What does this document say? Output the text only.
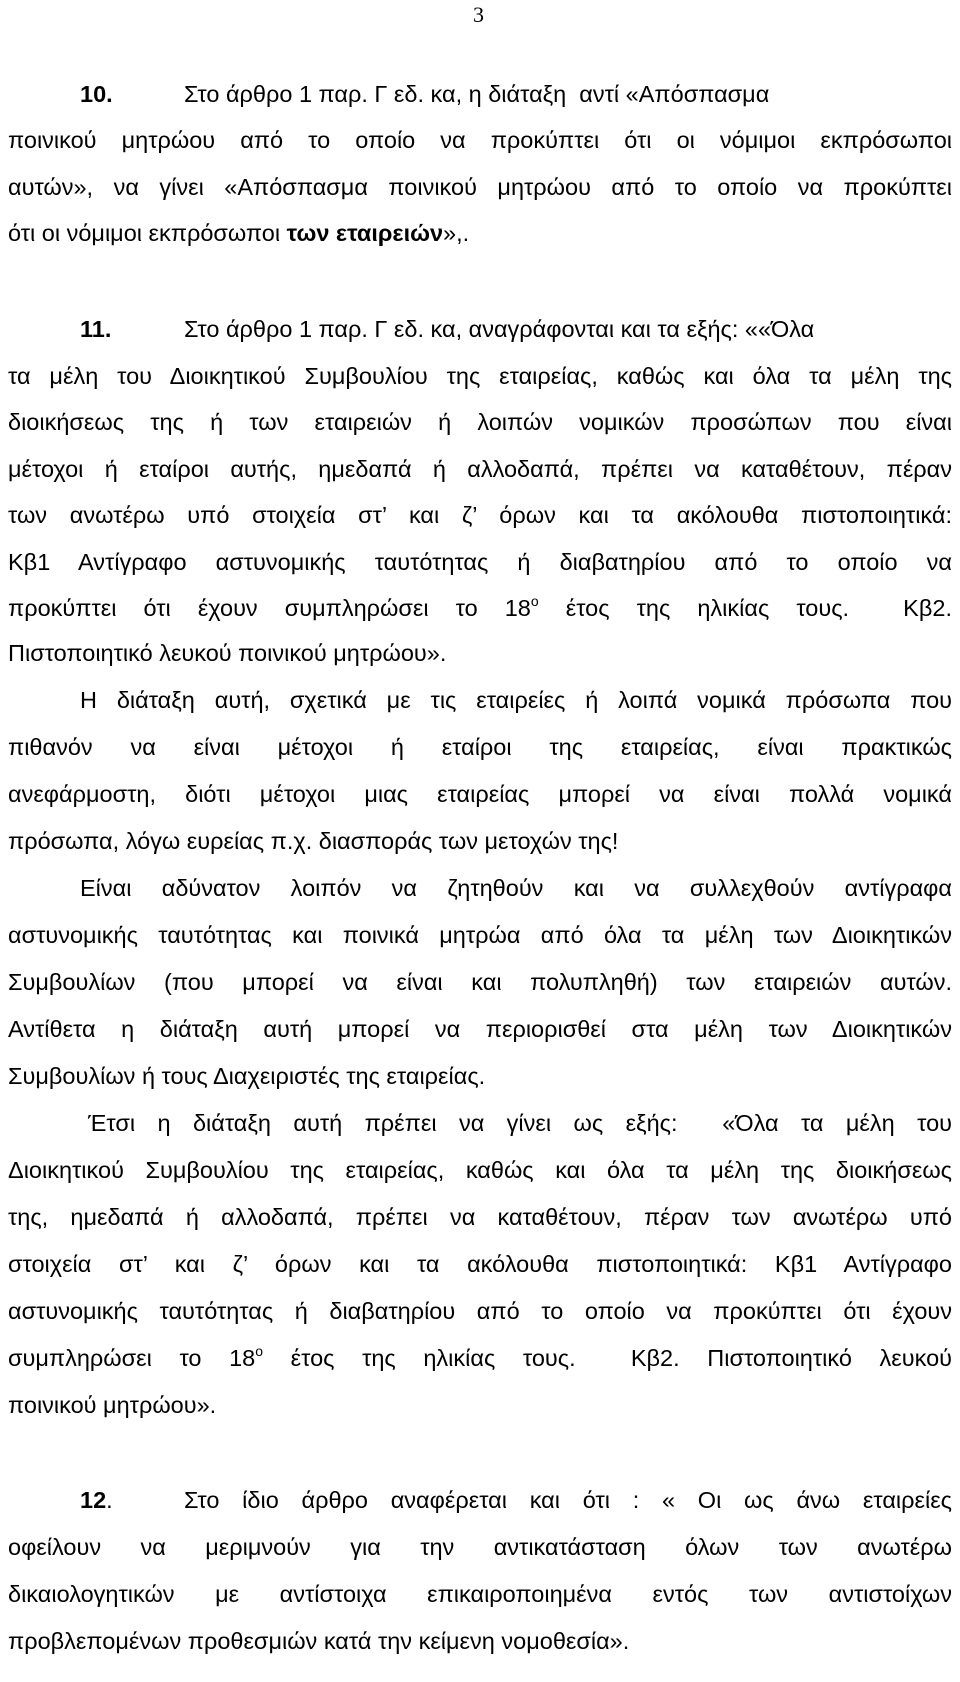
3
10.	Στο άρθρο 1 παρ. Γ εδ. κα, η διάταξη  αντί «Απόσπασμα
ποινικού μητρώου από το οποίο να προκύπτει ότι οι νόμιμοι εκπρόσωποι
αυτών», να γίνει «Απόσπασμα ποινικού μητρώου από το οποίο να προκύπτει
ότι οι νόμιμοι εκπρόσωποι των εταιρειών»,.
11.	Στο άρθρο 1 παρ. Γ εδ. κα, αναγράφονται και τα εξής: ««Όλα
τα μέλη του Διοικητικού Συμβουλίου της εταιρείας, καθώς και όλα τα μέλη της
διοικήσεως της ή των εταιρειών ή λοιπών νομικών προσώπων που είναι
μέτοχοι ή εταίροι αυτής, ημεδαπά ή αλλοδαπά, πρέπει να καταθέτουν, πέραν
των ανωτέρω υπό στοιχεία στ’ και ζ’ όρων και τα ακόλουθα πιστοποιητικά:
Κβ1 Αντίγραφο αστυνομικής ταυτότητας ή διαβατηρίου από το οποίο να
προκύπτει ότι έχουν συμπληρώσει το $18^o$ έτος της ηλικίας τους.  Κβ2.
Πιστοποιητικό λευκού ποινικού μητρώου».
Η διάταξη αυτή, σχετικά με τις εταιρείες ή λοιπά νομικά πρόσωπα που
πιθανόν να είναι μέτοχοι ή εταίροι της εταιρείας, είναι πρακτικώς
ανεφάρμοστη, διότι μέτοχοι μιας εταιρείας μπορεί να είναι πολλά νομικά
πρόσωπα, λόγω ευρείας π.χ. διασποράς των μετοχών της!
Είναι αδύνατον λοιπόν να ζητηθούν και να συλλεχθούν αντίγραφα
αστυνομικής ταυτότητας και ποινικά μητρώα από όλα τα μέλη των Διοικητικών
Συμβουλίων (που μπορεί να είναι και πολυπληθή) των εταιρειών αυτών.
Αντίθετα η διάταξη αυτή μπορεί να περιορισθεί στα μέλη των Διοικητικών
Συμβουλίων ή τους Διαχειριστές της εταιρείας.
Έτσι η διάταξη αυτή πρέπει να γίνει ως εξής:  «Όλα τα μέλη του
Διοικητικού Συμβουλίου της εταιρείας, καθώς και όλα τα μέλη της διοικήσεως
της, ημεδαπά ή αλλοδαπά, πρέπει να καταθέτουν, πέραν των ανωτέρω υπό
στοιχεία στ’ και ζ’ όρων και τα ακόλουθα πιστοποιητικά: Κβ1 Αντίγραφο
αστυνομικής ταυτότητας ή διαβατηρίου από το οποίο να προκύπτει ότι έχουν
συμπληρώσει το $18^o$ έτος της ηλικίας τους.  Κβ2. Πιστοποιητικό λευκού
ποινικού μητρώου».
12.	Στο ίδιο άρθρο αναφέρεται και ότι : « Οι ως άνω εταιρείες
οφείλουν να μεριμνούν για την αντικατάσταση όλων των ανωτέρω
δικαιολογητικών με αντίστοιχα επικαιροποιημένα εντός των αντιστοίχων
προβλεπομένων προθεσμιών κατά την κείμενη νομοθεσία».
